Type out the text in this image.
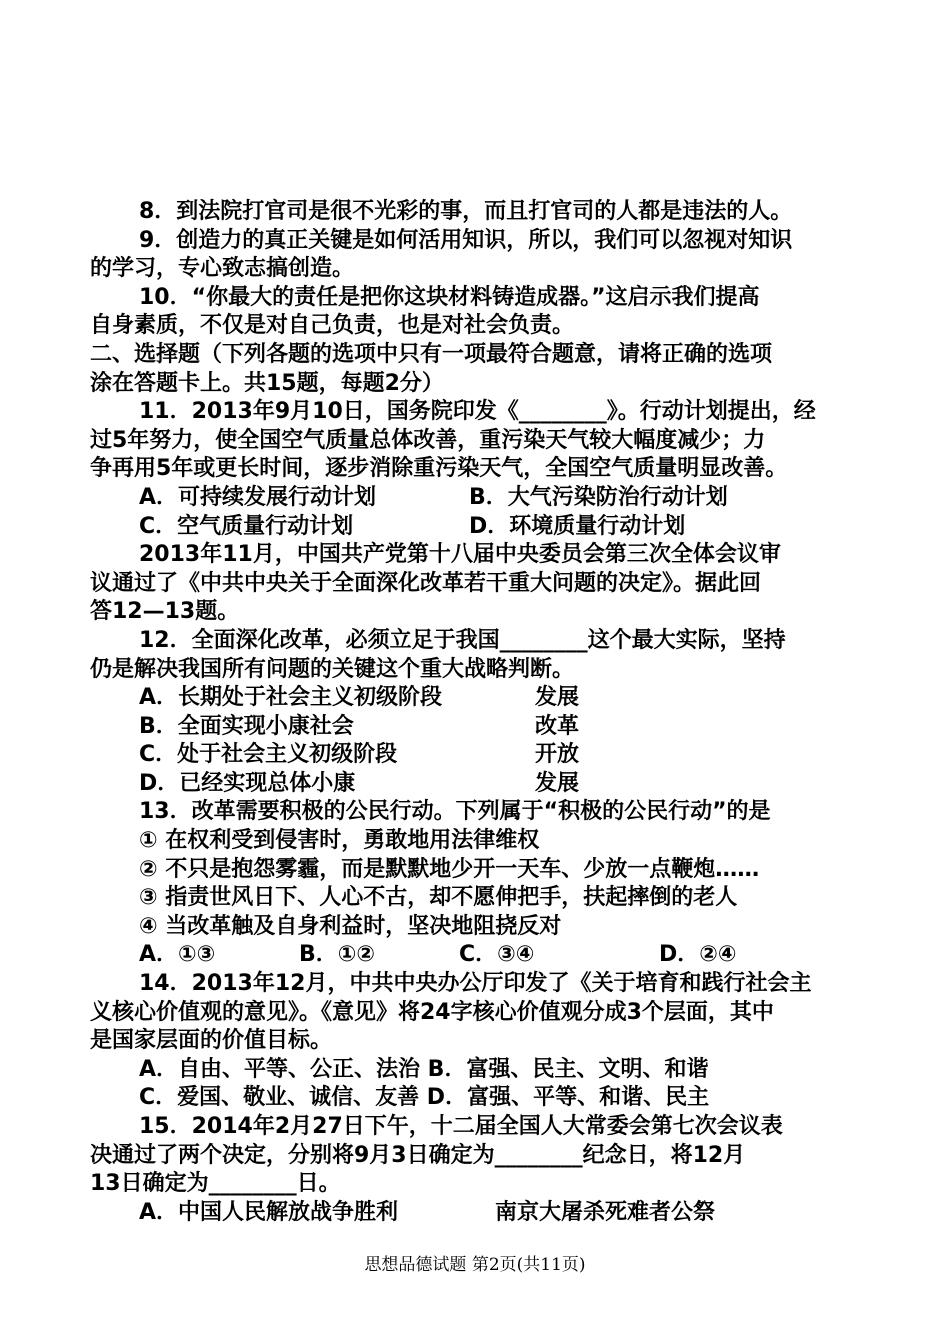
8．到法院打官司是很不光彩的事，而且打官司的人都是违法的人。
9．创造力的真正关键是如何活用知识，所以，我们可以忽视对知识
的学习，专心致志搞创造。
10．“你最大的责任是把你这块材料铸造成器。”这启示我们提高
自身素质，不仅是对自己负责，也是对社会负责。
二、选择题（下列各题的选项中只有一项最符合题意，请将正确的选项
涂在答题卡上。共15题，每题2分）
11．2013年9月10日，国务院印发《________》。行动计划提出，经
过5年努力，使全国空气质量总体改善，重污染天气较大幅度减少；力
争再用5年或更长时间，逐步消除重污染天气，全国空气质量明显改善。
A．可持续发展行动计划	B．大气污染防治行动计划
C．空气质量行动计划	D．环境质量行动计划
2013年11月，中国共产党第十八届中央委员会第三次全体会议审
议通过了《中共中央关于全面深化改革若干重大问题的决定》。据此回
答12—13题。
12．全面深化改革，必须立足于我国________这个最大实际，坚持
仍是解决我国所有问题的关键这个重大战略判断。
A．长期处于社会主义初级阶段	发展
B．全面实现小康社会	改革
C．处于社会主义初级阶段	开放
D．已经实现总体小康	发展
13．改革需要积极的公民行动。下列属于“积极的公民行动”的是
① 在权利受到侵害时，勇敢地用法律维权
② 不只是抱怨雾霾，而是默默地少开一天车、少放一点鞭炮……
③ 指责世风日下、人心不古，却不愿伸把手，扶起摔倒的老人
④ 当改革触及自身利益时，坚决地阻挠反对
A．①③	B．①②	C．③④	D．②④
14．2013年12月，中共中央办公厅印发了《关于培育和践行社会主
义核心价值观的意见》。《意见》将24字核心价值观分成3个层面，其中
是国家层面的价值目标。
A．自由、平等、公正、法治 B．富强、民主、文明、和谐
C．爱国、敬业、诚信、友善 D．富强、平等、和谐、民主
15．2014年2月27日下午，十二届全国人大常委会第七次会议表
决通过了两个决定，分别将9月3日确定为________纪念日，将12月
13日确定为________日。
A．中国人民解放战争胜利	南京大屠杀死难者公祭
思想品德试题 第2页(共11页)
